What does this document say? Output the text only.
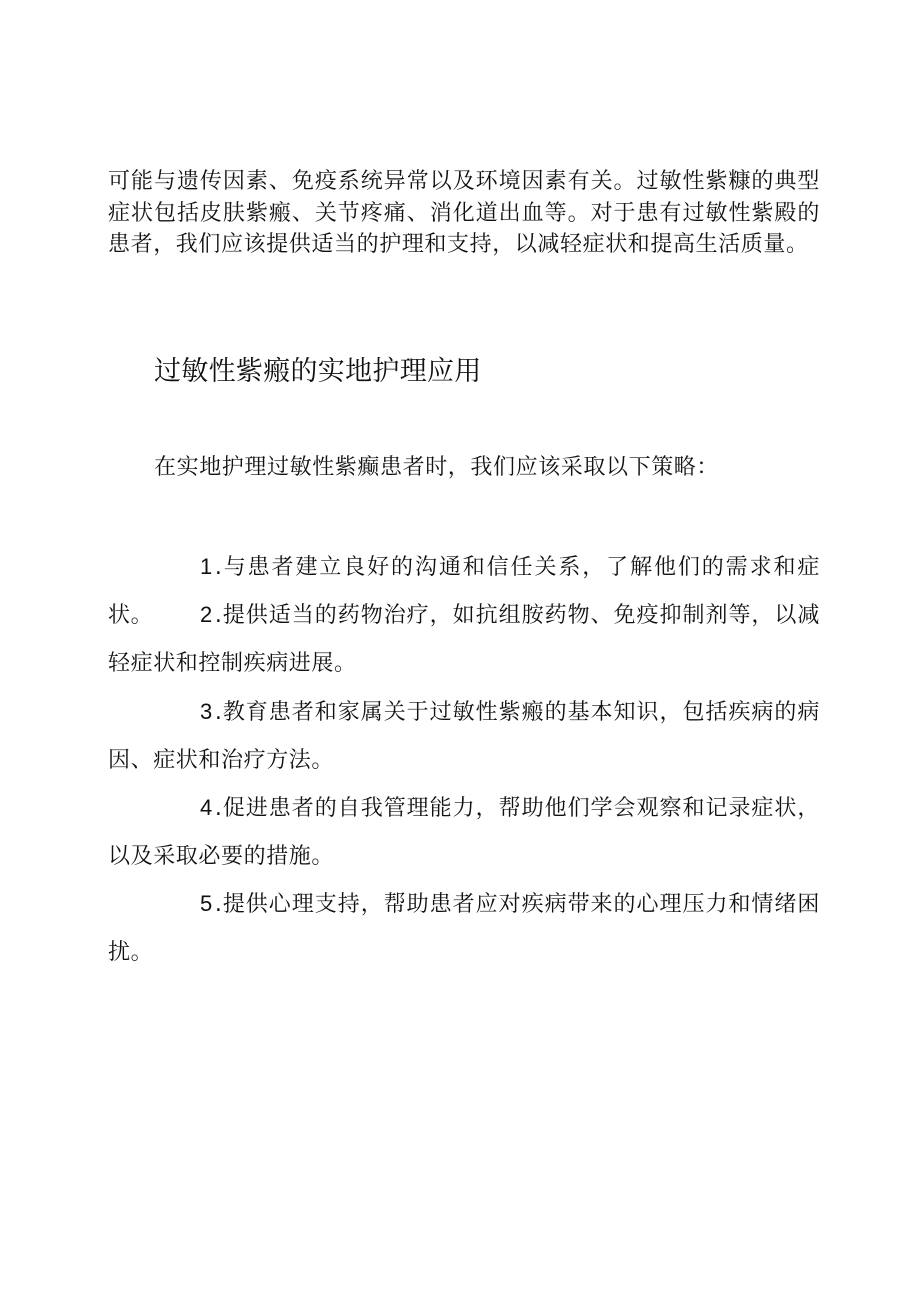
可能与遗传因素、免疫系统异常以及环境因素有关。过敏性紫糠的典型症状包括皮肤紫瘢、关节疼痛、消化道出血等。对于患有过敏性紫殿的患者，我们应该提供适当的护理和支持，以减轻症状和提高生活质量。

过敏性紫瘢的实地护理应用

在实地护理过敏性紫癫患者时，我们应该采取以下策略：

1.与患者建立良好的沟通和信任关系，了解他们的需求和症状。	2.提供适当的药物治疗，如抗组胺药物、免疫抑制剂等，以减轻症状和控制疾病进展。

3.教育患者和家属关于过敏性紫瘢的基本知识，包括疾病的病因、症状和治疗方法。

4.促进患者的自我管理能力，帮助他们学会观察和记录症状，以及采取必要的措施。

5.提供心理支持，帮助患者应对疾病带来的心理压力和情绪困扰。
